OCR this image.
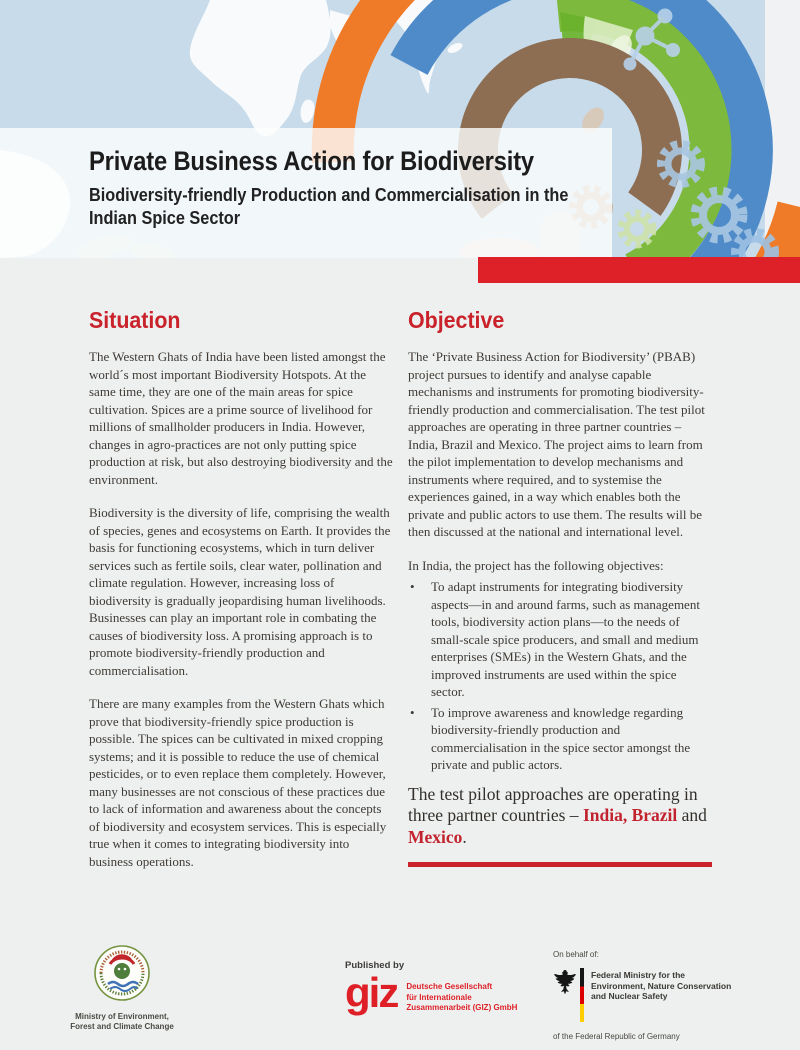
Private Business Action for Biodiversity
Biodiversity-friendly Production and Commercialisation in the
Indian Spice Sector
Situation

The Western Ghats of India have been listed amongst the world´s most important Biodiversity Hotspots. At the same time, they are one of the main areas for spice cultivation. Spices are a prime source of livelihood for millions of smallholder producers in India. However, changes in agro-practices are not only putting spice production at risk, but also destroying biodiversity and the environment.

Biodiversity is the diversity of life, comprising the wealth of species, genes and ecosystems on Earth. It provides the basis for functioning ecosystems, which in turn deliver services such as fertile soils, clear water, pollination and climate regulation. However, increasing loss of biodiversity is gradually jeopardising human livelihoods. Businesses can play an important role in combating the causes of biodiversity loss. A promising approach is to promote biodiversity-friendly production and commercialisation.

There are many examples from the Western Ghats which prove that biodiversity-friendly spice production is possible. The spices can be cultivated in mixed cropping systems; and it is possible to reduce the use of chemical pesticides, or to even replace them completely. However, many businesses are not conscious of these practices due to lack of information and awareness about the concepts of biodiversity and ecosystem services. This is especially true when it comes to integrating biodiversity into business operations.

Objective

The ‘Private Business Action for Biodiversity’ (PBAB) project pursues to identify and analyse capable mechanisms and instruments for promoting biodiversity-friendly production and commercialisation. The test pilot approaches are operating in three partner countries – India, Brazil and Mexico. The project aims to learn from the pilot implementation to develop mechanisms and instruments where required, and to systemise the experiences gained, in a way which enables both the private and public actors to use them. The results will be then discussed at the national and international level.

In India, the project has the following objectives:

• To adapt instruments for integrating biodiversity aspects—in and around farms, such as management tools, biodiversity action plans—to the needs of small-scale spice producers, and small and medium enterprises (SMEs) in the Western Ghats, and the improved instruments are used within the spice sector.
• To improve awareness and knowledge regarding biodiversity-friendly production and commercialisation in the spice sector amongst the private and public actors.
The test pilot approaches are operating in three partner countries – India, Brazil and Mexico.
Ministry of Environment,
Forest and Climate Change
Published by
giz Deutsche Gesellschaft
für Internationale
Zusammenarbeit (GIZ) GmbH
On behalf of:
Federal Ministry for the
Environment, Nature Conservation
and Nuclear Safety
of the Federal Republic of Germany
